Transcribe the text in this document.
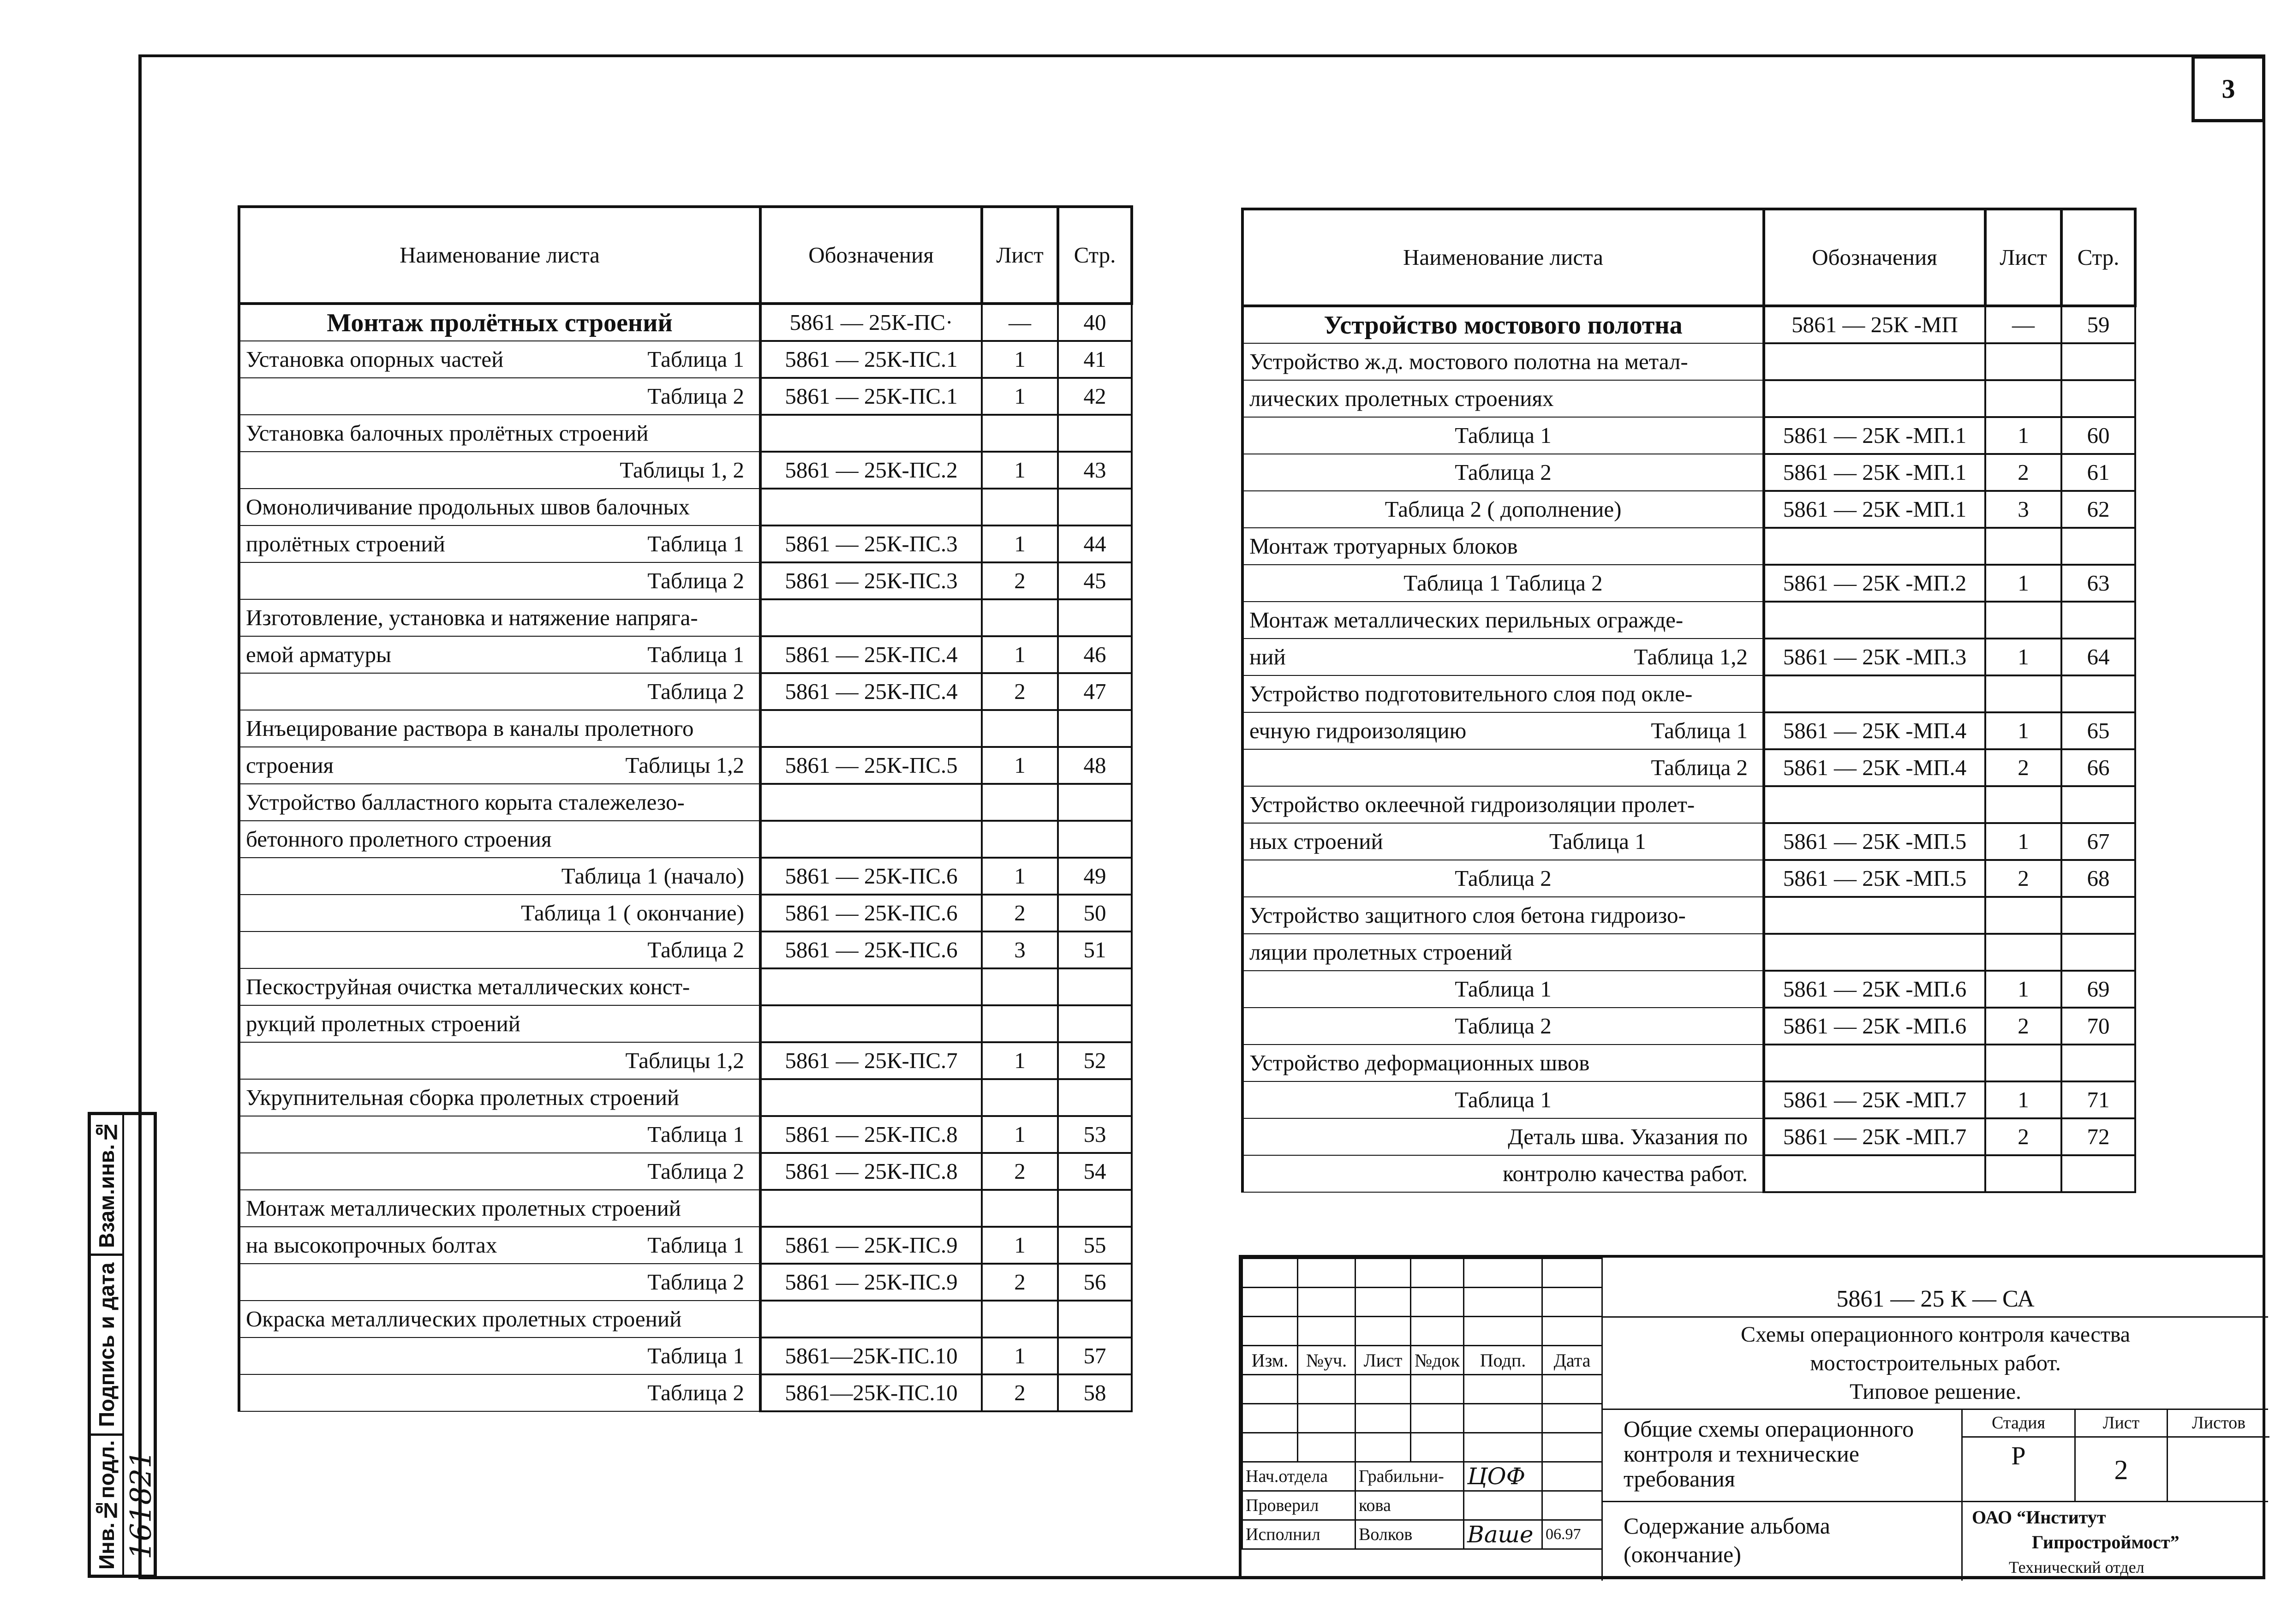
3
Наименование листа	Обозначения	Лист	Стр.
Монтаж пролётных строений	5861 — 25К-ПС·	—	40

Установка опорных частей Таблица 1	5861 — 25К-ПС.1	1	41

Таблица 2	5861 — 25К-ПС.1	1	42

Установка балочных пролётных строений			

Таблицы 1, 2	5861 — 25К-ПС.2	1	43

Омоноличивание продольных швов балочных			

пролётных строений Таблица 1	5861 — 25К-ПС.3	1	44

Таблица 2	5861 — 25К-ПС.3	2	45

Изготовление, установка и натяжение напряга-			

емой арматуры Таблица 1	5861 — 25К-ПС.4	1	46

Таблица 2	5861 — 25К-ПС.4	2	47

Инъецирование раствора в каналы пролетного			

строения Таблицы 1,2	5861 — 25К-ПС.5	1	48

Устройство балластного корыта сталежелезо-			

бетонного пролетного строения			

Таблица 1 (начало)	5861 — 25К-ПС.6	1	49

Таблица 1 ( окончание)	5861 — 25К-ПС.6	2	50

Таблица 2	5861 — 25К-ПС.6	3	51

Пескоструйная очистка металлических конст-			

рукций пролетных строений			

Таблицы 1,2	5861 — 25К-ПС.7	1	52

Укрупнительная сборка пролетных строений			

Таблица 1	5861 — 25К-ПС.8	1	53

Таблица 2	5861 — 25К-ПС.8	2	54

Монтаж металлических пролетных строений			

на высокопрочных болтах Таблица 1	5861 — 25К-ПС.9	1	55

Таблица 2	5861 — 25К-ПС.9	2	56

Окраска металлических пролетных строений			

Таблица 1	5861—25К-ПС.10	1	57

Таблица 2	5861—25К-ПС.10	2	58
Наименование листа	Обозначения	Лист	Стр.
Устройство мостового полотна	5861 — 25К -МП	—	59

Устройство ж.д. мостового полотна на метал-			

лических пролетных строениях			

Таблица 1	5861 — 25К -МП.1	1	60

Таблица 2	5861 — 25К -МП.1	2	61

Таблица 2 ( дополнение)	5861 — 25К -МП.1	3	62

Монтаж тротуарных блоков			

Таблица 1 Таблица 2	5861 — 25К -МП.2	1	63

Монтаж металлических перильных огражде-			

ний Таблица 1,2	5861 — 25К -МП.3	1	64

Устройство подготовительного слоя под окле-			

ечную гидроизоляцию Таблица 1	5861 — 25К -МП.4	1	65

Таблица 2	5861 — 25К -МП.4	2	66

Устройство оклеечной гидроизоляции пролет-			

ных строений Таблица 1	5861 — 25К -МП.5	1	67

Таблица 2	5861 — 25К -МП.5	2	68

Устройство защитного слоя бетона гидроизо-			

ляции пролетных строений			

Таблица 1	5861 — 25К -МП.6	1	69

Таблица 2	5861 — 25К -МП.6	2	70

Устройство деформационных швов			

Таблица 1	5861 — 25К -МП.7	1	71

Деталь шва. Указания по	5861 — 25К -МП.7	2	72

контролю качества работ.			

Изм.	№уч.	Лист	№док	Подп.	Дата

Нач.отдела		Грабильни-		ЦОФ	
Проверил		кова			
Исполнил		Волков		Ваше	06.97
5861 — 25 К — СА
Схемы операционного контроля качества
мостостроительных работ.
Типовое решение.
Общие схемы операционного контроля и технические требования
Содержание альбома (окончание)
Стадия	Лист	Листов
Р	2
ОАО “Институт
Гипростроймост”
Технический отдел
Взам.инв.№
Подпись и дата
Инв.№подл. 161821
